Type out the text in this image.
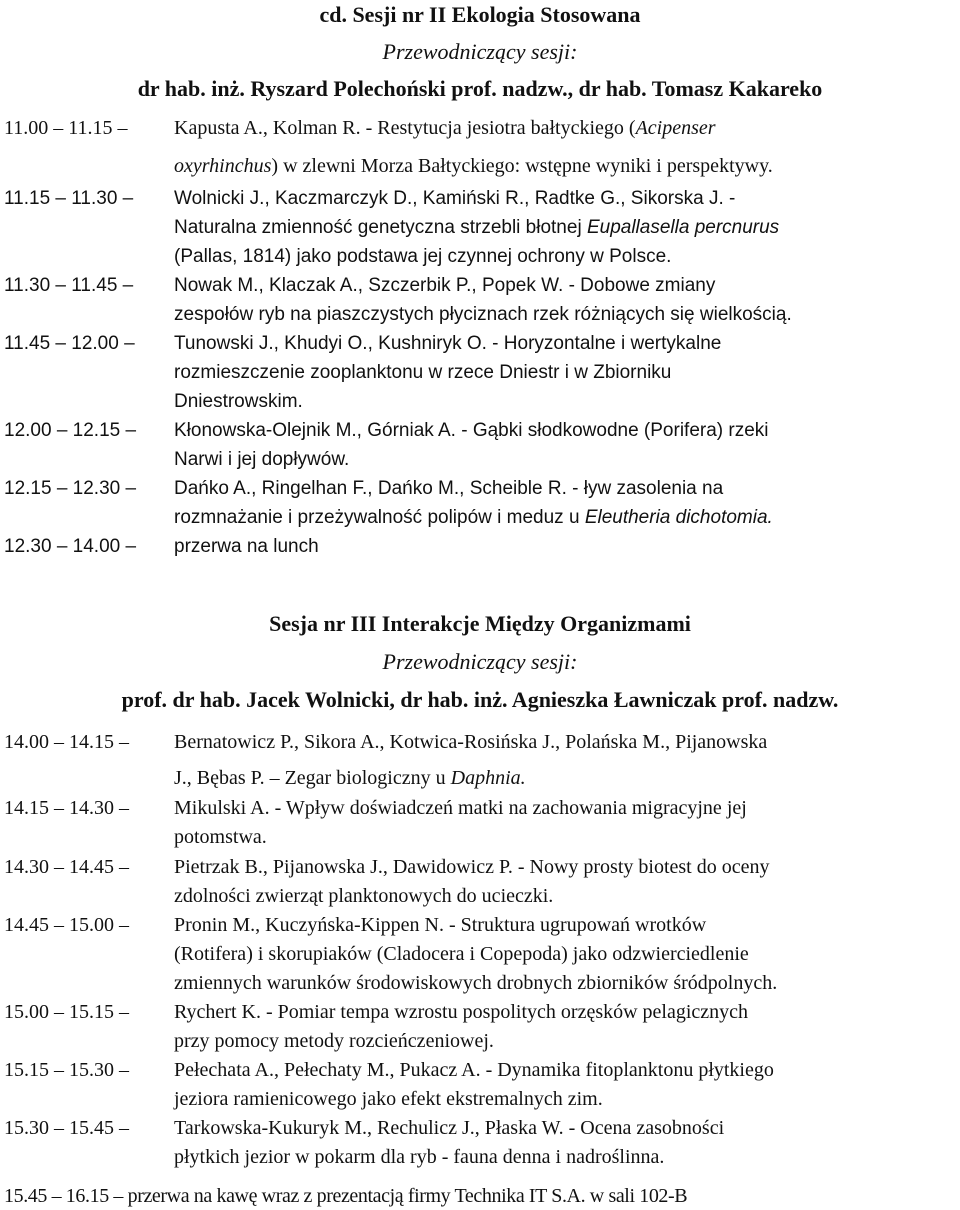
cd. Sesji nr II Ekologia Stosowana
Przewodniczący sesji:
dr hab. inż. Ryszard Polechoński prof. nadzw., dr hab. Tomasz Kakareko
11.00 – 11.15 – Kapusta A., Kolman R. - Restytucja jesiotra bałtyckiego (Acipenser
oxyrhinchus) w zlewni Morza Bałtyckiego: wstępne wyniki i perspektywy.
11.15 – 11.30 – Wolnicki J., Kaczmarczyk D., Kamiński R., Radtke G., Sikorska J. -
Naturalna zmienność genetyczna strzebli błotnej Eupallasella percnurus
(Pallas, 1814) jako podstawa jej czynnej ochrony w Polsce.
11.30 – 11.45 – Nowak M., Klaczak A., Szczerbik P., Popek W. - Dobowe zmiany
zespołów ryb na piaszczystych płyciznach rzek różniących się wielkością.
11.45 – 12.00 – Tunowski J., Khudyi O., Kushniryk O. - Horyzontalne i wertykalne
rozmieszczenie zooplanktonu w rzece Dniestr i w Zbiorniku
Dniestrowskim.
12.00 – 12.15 – Kłonowska-Olejnik M., Górniak A. - Gąbki słodkowodne (Porifera) rzeki
Narwi i jej dopływów.
12.15 – 12.30 – Dańko A., Ringelhan F., Dańko M., Scheible R. - ływ zasolenia na
rozmnażanie i przeżywalność polipów i meduz u Eleutheria dichotomia.
12.30 – 14.00 – przerwa na lunch
Sesja nr III Interakcje Między Organizmami
Przewodniczący sesji:
prof. dr hab. Jacek Wolnicki, dr hab. inż. Agnieszka Ławniczak prof. nadzw.
14.00 – 14.15 – Bernatowicz P., Sikora A., Kotwica-Rosińska J., Polańska M., Pijanowska
J., Bębas P. – Zegar biologiczny u Daphnia.
14.15 – 14.30 – Mikulski A. - Wpływ doświadczeń matki na zachowania migracyjne jej
potomstwa.
14.30 – 14.45 – Pietrzak B., Pijanowska J., Dawidowicz P. - Nowy prosty biotest do oceny
zdolności zwierząt planktonowych do ucieczki.
14.45 – 15.00 – Pronin M., Kuczyńska-Kippen N. - Struktura ugrupowań wrotków
(Rotifera) i skorupiaków (Cladocera i Copepoda) jako odzwierciedlenie
zmiennych warunków środowiskowych drobnych zbiorników śródpolnych.
15.00 – 15.15 – Rychert K. - Pomiar tempa wzrostu pospolitych orzęsków pelagicznych
przy pomocy metody rozcieńczeniowej.
15.15 – 15.30 – Pełechata A., Pełechaty M., Pukacz A. - Dynamika fitoplanktonu płytkiego
jeziora ramienicowego jako efekt ekstremalnych zim.
15.30 – 15.45 – Tarkowska-Kukuryk M., Rechulicz J., Płaska W. - Ocena zasobności
płytkich jezior w pokarm dla ryb - fauna denna i nadroślinna.
15.45 – 16.15 – przerwa na kawę wraz z prezentacją firmy Technika IT S.A. w sali 102-B
